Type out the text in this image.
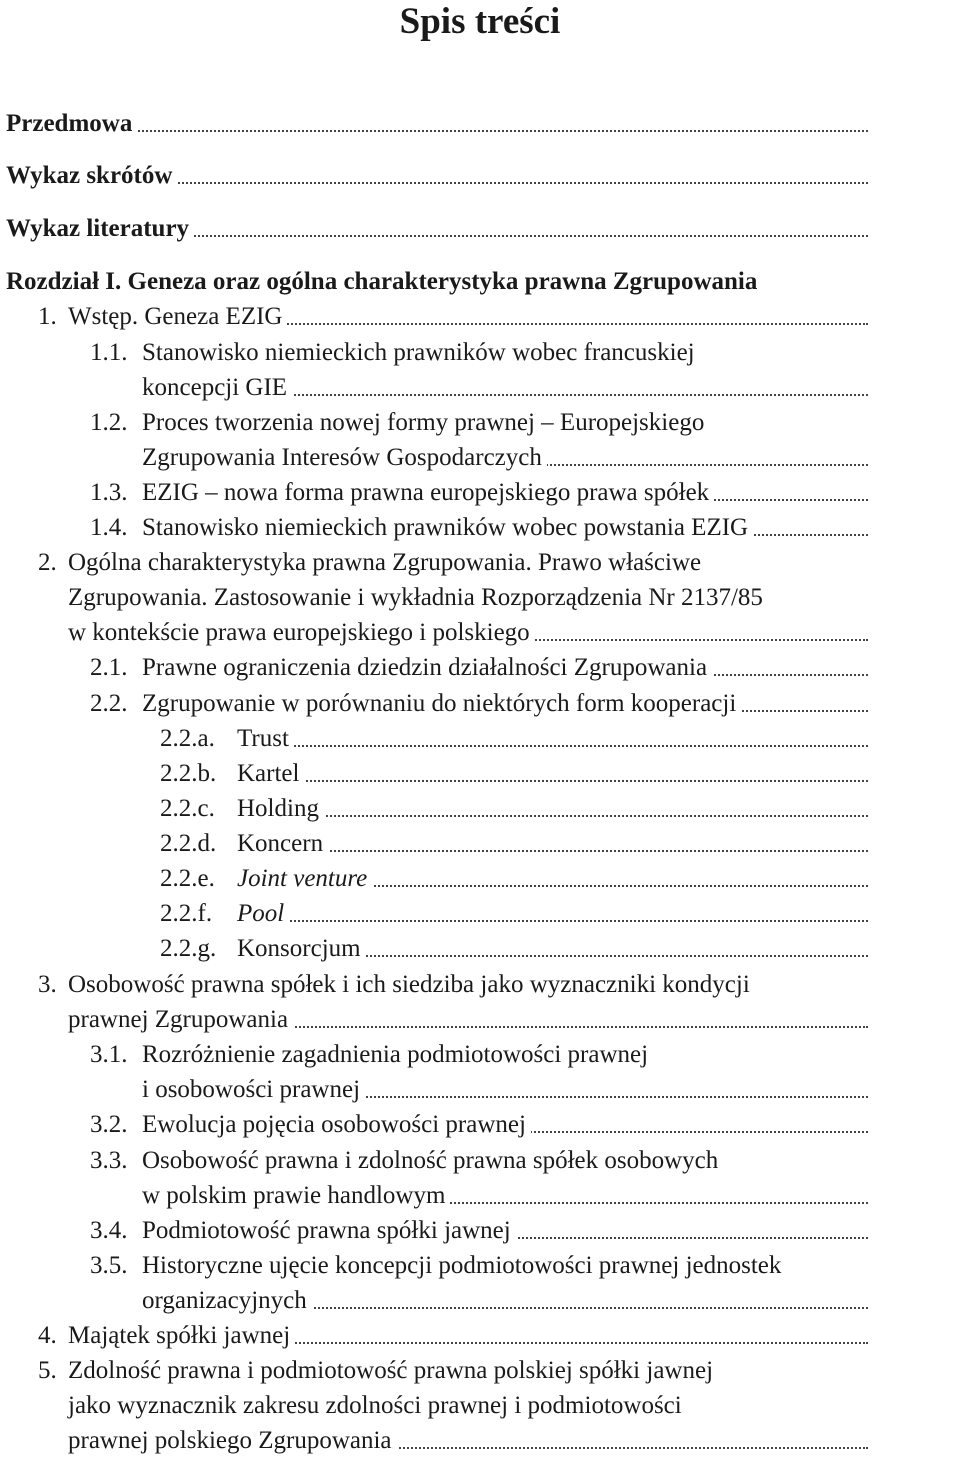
Spis treści
Przedmowa
Wykaz skrótów
Wykaz literatury
Rozdział I. Geneza oraz ogólna charakterystyka prawna Zgrupowania
1. Wstęp. Geneza EZIG
1.1. Stanowisko niemieckich prawników wobec francuskiej
koncepcji GIE
1.2. Proces tworzenia nowej formy prawnej – Europejskiego
Zgrupowania Interesów Gospodarczych
1.3. EZIG – nowa forma prawna europejskiego prawa spółek
1.4. Stanowisko niemieckich prawników wobec powstania EZIG
2. Ogólna charakterystyka prawna Zgrupowania. Prawo właściwe
Zgrupowania. Zastosowanie i wykładnia Rozporządzenia Nr 2137/85
w kontekście prawa europejskiego i polskiego
2.1. Prawne ograniczenia dziedzin działalności Zgrupowania
2.2. Zgrupowanie w porównaniu do niektórych form kooperacji
2.2.a. Trust
2.2.b. Kartel
2.2.c. Holding
2.2.d. Koncern
2.2.e. Joint venture
2.2.f. Pool
2.2.g. Konsorcjum
3. Osobowość prawna spółek i ich siedziba jako wyznaczniki kondycji
prawnej Zgrupowania
3.1. Rozróżnienie zagadnienia podmiotowości prawnej
i osobowości prawnej
3.2. Ewolucja pojęcia osobowości prawnej
3.3. Osobowość prawna i zdolność prawna spółek osobowych
w polskim prawie handlowym
3.4. Podmiotowość prawna spółki jawnej
3.5. Historyczne ujęcie koncepcji podmiotowości prawnej jednostek
organizacyjnych
4. Majątek spółki jawnej
5. Zdolność prawna i podmiotowość prawna polskiej spółki jawnej
jako wyznacznik zakresu zdolności prawnej i podmiotowości
prawnej polskiego Zgrupowania
